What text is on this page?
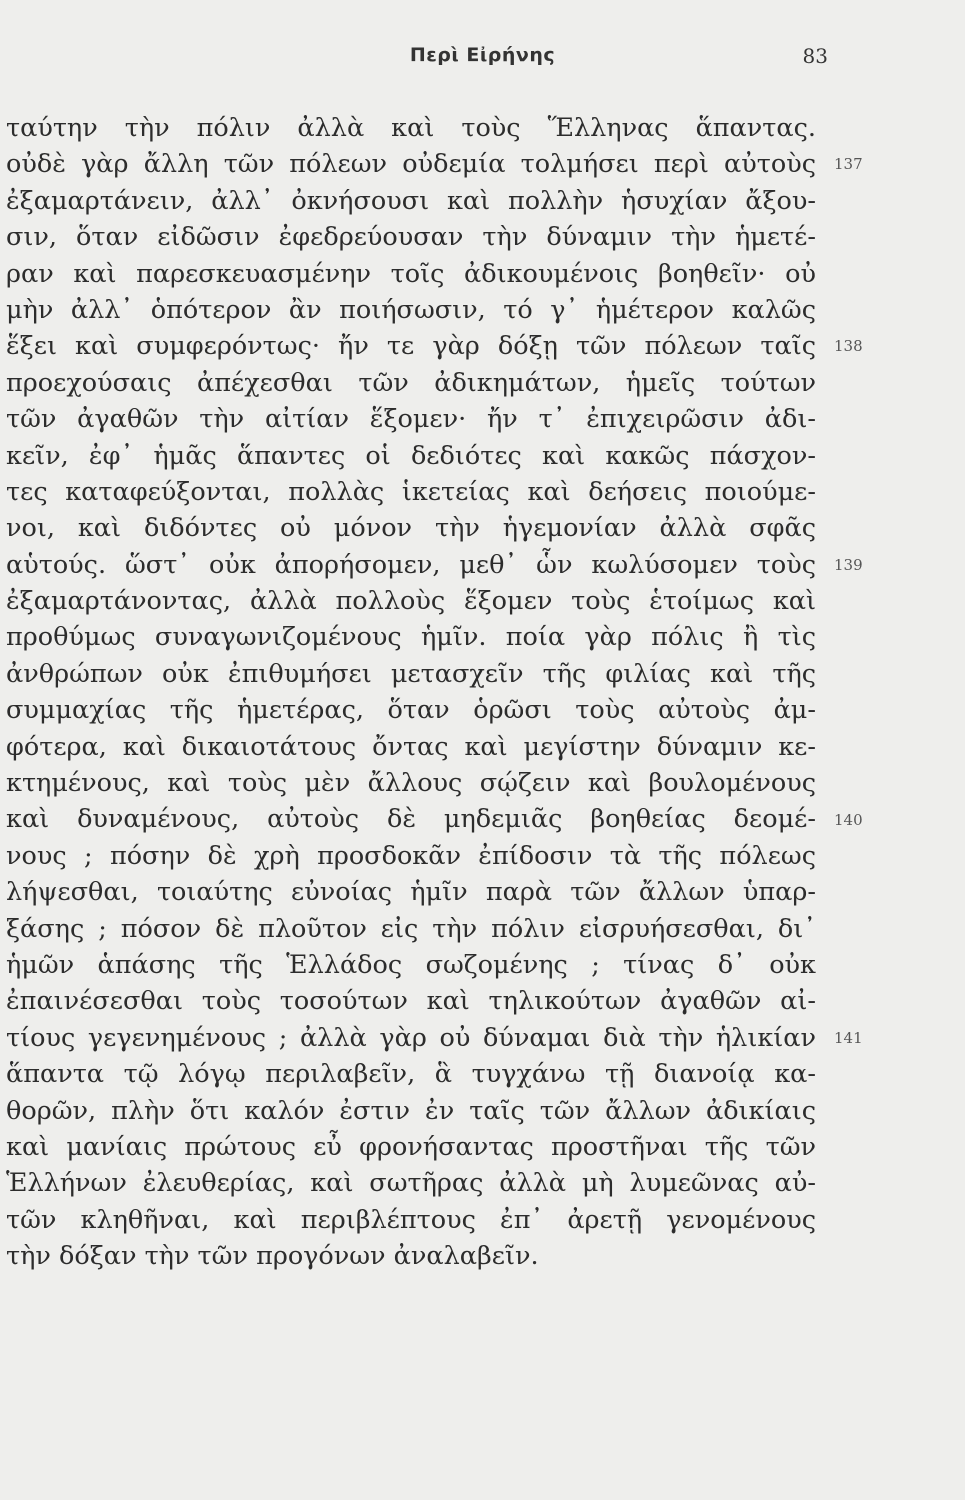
Περὶ Εἰρήνης	83
ταύτην τὴν πόλιν ἀλλὰ καὶ τοὺς Ἕλληνας ἅπαντας.
οὐδὲ γὰρ ἄλλη τῶν πόλεων οὐδεμία τολμήσει περὶ αὐτοὺς 137
ἐξαμαρτάνειν, ἀλλ᾽ ὀκνήσουσι καὶ πολλὴν ἡσυχίαν ἄξου-
σιν, ὅταν εἰδῶσιν ἐφεδρεύουσαν τὴν δύναμιν τὴν ἡμετέ-
ραν καὶ παρεσκευασμένην τοῖς ἀδικουμένοις βοηθεῖν· οὐ
μὴν ἀλλ᾽ ὁπότερον ἂν ποιήσωσιν, τό γ᾽ ἡμέτερον καλῶς
ἕξει καὶ συμφερόντως· ἤν τε γὰρ δόξῃ τῶν πόλεων ταῖς 138
προεχούσαις ἀπέχεσθαι τῶν ἀδικημάτων, ἡμεῖς τούτων
τῶν ἀγαθῶν τὴν αἰτίαν ἕξομεν· ἤν τ᾽ ἐπιχειρῶσιν ἀδι-
κεῖν, ἐφ᾽ ἡμᾶς ἅπαντες οἱ δεδιότες καὶ κακῶς πάσχον-
τες καταφεύξονται, πολλὰς ἱκετείας καὶ δεήσεις ποιούμε-
νοι, καὶ διδόντες οὐ μόνον τὴν ἡγεμονίαν ἀλλὰ σφᾶς
αὑτούς. ὥστ᾽ οὐκ ἀπορήσομεν, μεθ᾽ ὧν κωλύσομεν τοὺς 139
ἐξαμαρτάνοντας, ἀλλὰ πολλοὺς ἕξομεν τοὺς ἑτοίμως καὶ
προθύμως συναγωνιζομένους ἡμῖν. ποία γὰρ πόλις ἢ τὶς
ἀνθρώπων οὐκ ἐπιθυμήσει μετασχεῖν τῆς φιλίας καὶ τῆς
συμμαχίας τῆς ἡμετέρας, ὅταν ὁρῶσι τοὺς αὐτοὺς ἀμ-
φότερα, καὶ δικαιοτάτους ὄντας καὶ μεγίστην δύναμιν κε-
κτημένους, καὶ τοὺς μὲν ἄλλους σῴζειν καὶ βουλομένους
καὶ δυναμένους, αὐτοὺς δὲ μηδεμιᾶς βοηθείας δεομέ- 140
νους ; πόσην δὲ χρὴ προσδοκᾶν ἐπίδοσιν τὰ τῆς πόλεως
λήψεσθαι, τοιαύτης εὐνοίας ἡμῖν παρὰ τῶν ἄλλων ὑπαρ-
ξάσης ; πόσον δὲ πλοῦτον εἰς τὴν πόλιν εἰσρυήσεσθαι, δι᾽
ἡμῶν ἁπάσης τῆς Ἑλλάδος σωζομένης ; τίνας δ᾽ οὐκ
ἐπαινέσεσθαι τοὺς τοσούτων καὶ τηλικούτων ἀγαθῶν αἰ-
τίους γεγενημένους ; ἀλλὰ γὰρ οὐ δύναμαι διὰ τὴν ἡλικίαν 141
ἅπαντα τῷ λόγῳ περιλαβεῖν, ἃ τυγχάνω τῇ διανοίᾳ κα-
θορῶν, πλὴν ὅτι καλόν ἐστιν ἐν ταῖς τῶν ἄλλων ἀδικίαις
καὶ μανίαις πρώτους εὖ φρονήσαντας προστῆναι τῆς τῶν
Ἑλλήνων ἐλευθερίας, καὶ σωτῆρας ἀλλὰ μὴ λυμεῶνας αὐ-
τῶν κληθῆναι, καὶ περιβλέπτους ἐπ᾽ ἀρετῇ γενομένους
τὴν δόξαν τὴν τῶν προγόνων ἀναλαβεῖν.
